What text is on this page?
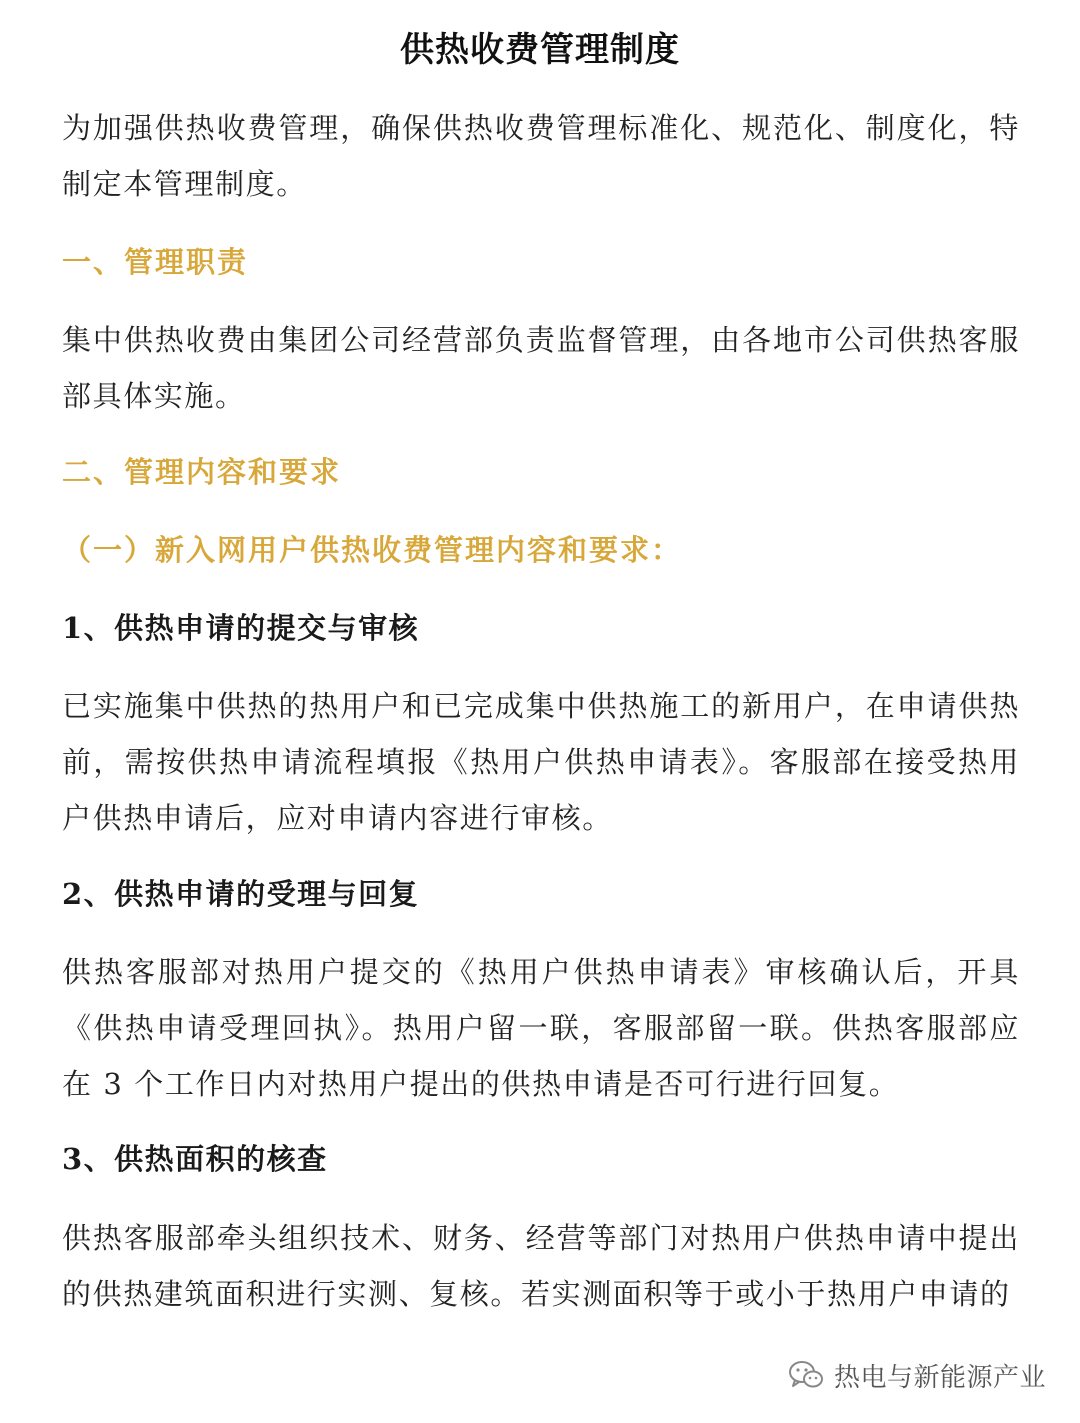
供热收费管理制度

为加强供热收费管理，确保供热收费管理标准化、规范化、制度化，特制定本管理制度。

一、管理职责

集中供热收费由集团公司经营部负责监督管理，由各地市公司供热客服部具体实施。

二、管理内容和要求

（一）新入网用户供热收费管理内容和要求：

1、供热申请的提交与审核

已实施集中供热的热用户和已完成集中供热施工的新用户，在申请供热前，需按供热申请流程填报《热用户供热申请表》。客服部在接受热用户供热申请后，应对申请内容进行审核。

2、供热申请的受理与回复

供热客服部对热用户提交的《热用户供热申请表》审核确认后，开具《供热申请受理回执》。热用户留一联，客服部留一联。供热客服部应在 3 个工作日内对热用户提出的供热申请是否可行进行回复。

3、供热面积的核查

供热客服部牵头组织技术、财务、经营等部门对热用户供热申请中提出的供热建筑面积进行实测、复核。若实测面积等于或小于热用户申请的

热电与新能源产业
